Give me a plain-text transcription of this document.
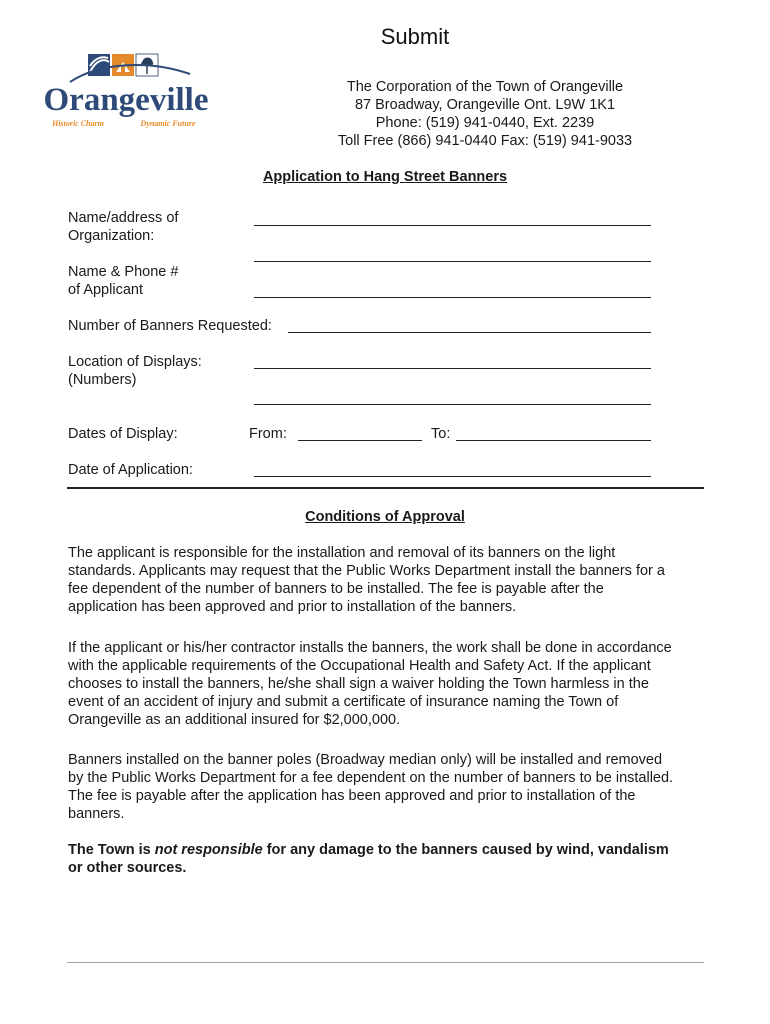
Submit
Orangeville
Historic Charm	Dynamic Future
The Corporation of the Town of Orangeville
87 Broadway, Orangeville Ont. L9W 1K1
Phone: (519) 941-0440, Ext. 2239
Toll Free (866) 941-0440 Fax: (519) 941-9033
Application to Hang Street Banners
Name/address of
Organization:
Name & Phone #
of Applicant
Number of Banners Requested:
Location of Displays:
(Numbers)
Dates of Display:	From:	To:
Date of Application:
Conditions of Approval
The applicant is responsible for the installation and removal of its banners on the light
standards. Applicants may request that the Public Works Department install the banners for a
fee dependent of the number of banners to be installed. The fee is payable after the
application has been approved and prior to installation of the banners.
If the applicant or his/her contractor installs the banners, the work shall be done in accordance
with the applicable requirements of the Occupational Health and Safety Act. If the applicant
chooses to install the banners, he/she shall sign a waiver holding the Town harmless in the
event of an accident of injury and submit a certificate of insurance naming the Town of
Orangeville as an additional insured for $2,000,000.
Banners installed on the banner poles (Broadway median only) will be installed and removed
by the Public Works Department for a fee dependent on the number of banners to be installed.
The fee is payable after the application has been approved and prior to installation of the
banners.
The Town is not responsible for any damage to the banners caused by wind, vandalism
or other sources.
